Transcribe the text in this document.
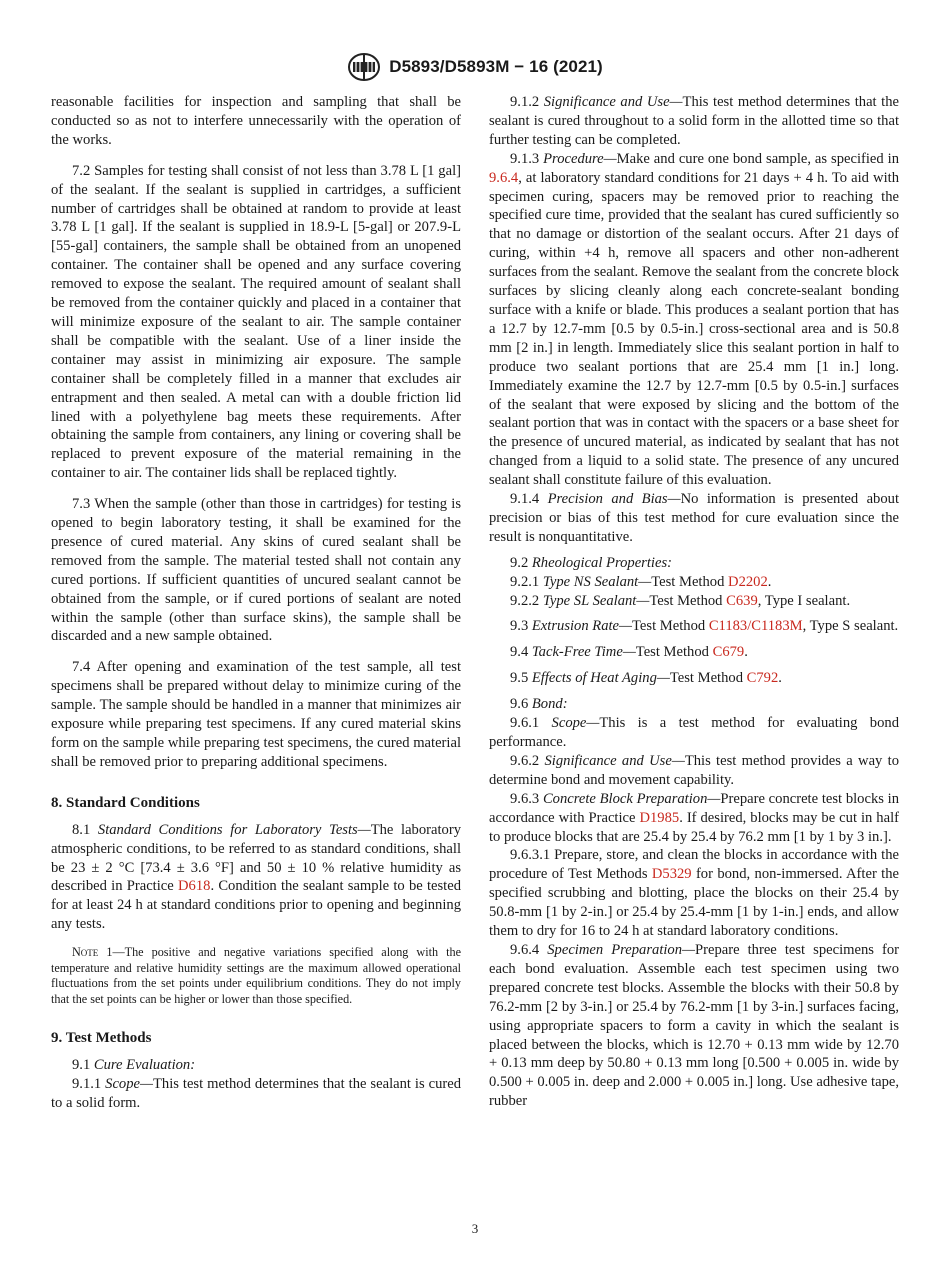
D5893/D5893M − 16 (2021)

reasonable facilities for inspection and sampling that shall be conducted so as not to interfere unnecessarily with the operation of the works.

7.2 Samples for testing shall consist of not less than 3.78 L [1 gal] of the sealant. If the sealant is supplied in cartridges, a sufficient number of cartridges shall be obtained at random to provide at least 3.78 L [1 gal]. If the sealant is supplied in 18.9-L [5-gal] or 207.9-L [55-gal] containers, the sample shall be obtained from an unopened container. The container shall be opened and any surface covering removed to expose the sealant. The required amount of sealant shall be removed from the container quickly and placed in a container that will minimize exposure of the sealant to air. The sample container shall be compatible with the sealant. Use of a liner inside the container may assist in minimizing air exposure. The sample container shall be completely filled in a manner that excludes air entrapment and then sealed. A metal can with a double friction lid lined with a polyethylene bag meets these requirements. After obtaining the sample from containers, any lining or covering shall be replaced to prevent exposure of the material remaining in the container to air. The container lids shall be replaced tightly.

7.3 When the sample (other than those in cartridges) for testing is opened to begin laboratory testing, it shall be examined for the presence of cured material. Any skins of cured sealant shall be removed from the sample. The material tested shall not contain any cured portions. If sufficient quantities of uncured sealant cannot be obtained from the sample, or if cured portions of sealant are noted within the sample (other than surface skins), the sample shall be discarded and a new sample obtained.

7.4 After opening and examination of the test sample, all test specimens shall be prepared without delay to minimize curing of the sample. The sample should be handled in a manner that minimizes air exposure while preparing test specimens. If any cured material skins form on the sample while preparing test specimens, the cured material shall be removed prior to preparing additional specimens.

8. Standard Conditions

8.1 Standard Conditions for Laboratory Tests—The laboratory atmospheric conditions, to be referred to as standard conditions, shall be 23 ± 2 °C [73.4 ± 3.6 °F] and 50 ± 10 % relative humidity as described in Practice D618. Condition the sealant sample to be tested for at least 24 h at standard conditions prior to opening and beginning any tests.

Note 1—The positive and negative variations specified along with the temperature and relative humidity settings are the maximum allowed operational fluctuations from the set points under equilibrium conditions. They do not imply that the set points can be higher or lower than those specified.

9. Test Methods

9.1 Cure Evaluation:

9.1.1 Scope—This test method determines that the sealant is cured to a solid form.

9.1.2 Significance and Use—This test method determines that the sealant is cured throughout to a solid form in the allotted time so that further testing can be completed.

9.1.3 Procedure—Make and cure one bond sample, as specified in 9.6.4, at laboratory standard conditions for 21 days + 4 h. To aid with specimen curing, spacers may be removed prior to reaching the specified cure time, provided that the sealant has cured sufficiently so that no damage or distortion of the sealant occurs. After 21 days of curing, within +4 h, remove all spacers and other non-adherent surfaces from the sealant. Remove the sealant from the concrete block surfaces by slicing cleanly along each concrete-sealant bonding surface with a knife or blade. This produces a sealant portion that has a 12.7 by 12.7-mm [0.5 by 0.5-in.] cross-sectional area and is 50.8 mm [2 in.] in length. Immediately slice this sealant portion in half to produce two sealant portions that are 25.4 mm [1 in.] long. Immediately examine the 12.7 by 12.7-mm [0.5 by 0.5-in.] surfaces of the sealant that were exposed by slicing and the bottom of the sealant portion that was in contact with the spacers or a base sheet for the presence of uncured material, as indicated by sealant that has not changed from a liquid to a solid state. The presence of any uncured sealant shall constitute failure of this evaluation.

9.1.4 Precision and Bias—No information is presented about precision or bias of this test method for cure evaluation since the result is nonquantitative.

9.2 Rheological Properties:

9.2.1 Type NS Sealant—Test Method D2202.

9.2.2 Type SL Sealant—Test Method C639, Type I sealant.

9.3 Extrusion Rate—Test Method C1183/C1183M, Type S sealant.

9.4 Tack-Free Time—Test Method C679.

9.5 Effects of Heat Aging—Test Method C792.

9.6 Bond:

9.6.1 Scope—This is a test method for evaluating bond performance.

9.6.2 Significance and Use—This test method provides a way to determine bond and movement capability.

9.6.3 Concrete Block Preparation—Prepare concrete test blocks in accordance with Practice D1985. If desired, blocks may be cut in half to produce blocks that are 25.4 by 25.4 by 76.2 mm [1 by 1 by 3 in.].

9.6.3.1 Prepare, store, and clean the blocks in accordance with the procedure of Test Methods D5329 for bond, non-immersed. After the specified scrubbing and blotting, place the blocks on their 25.4 by 50.8-mm [1 by 2-in.] or 25.4 by 25.4-mm [1 by 1-in.] ends, and allow them to dry for 16 to 24 h at standard laboratory conditions.

9.6.4 Specimen Preparation—Prepare three test specimens for each bond evaluation. Assemble each test specimen using two prepared concrete test blocks. Assemble the blocks with their 50.8 by 76.2-mm [2 by 3-in.] or 25.4 by 76.2-mm [1 by 3-in.] surfaces facing, using appropriate spacers to form a cavity in which the sealant is placed between the blocks, which is 12.70 + 0.13 mm wide by 12.70 + 0.13 mm deep by 50.80 + 0.13 mm long [0.500 + 0.005 in. wide by 0.500 + 0.005 in. deep and 2.000 + 0.005 in.] long. Use adhesive tape, rubber

3
